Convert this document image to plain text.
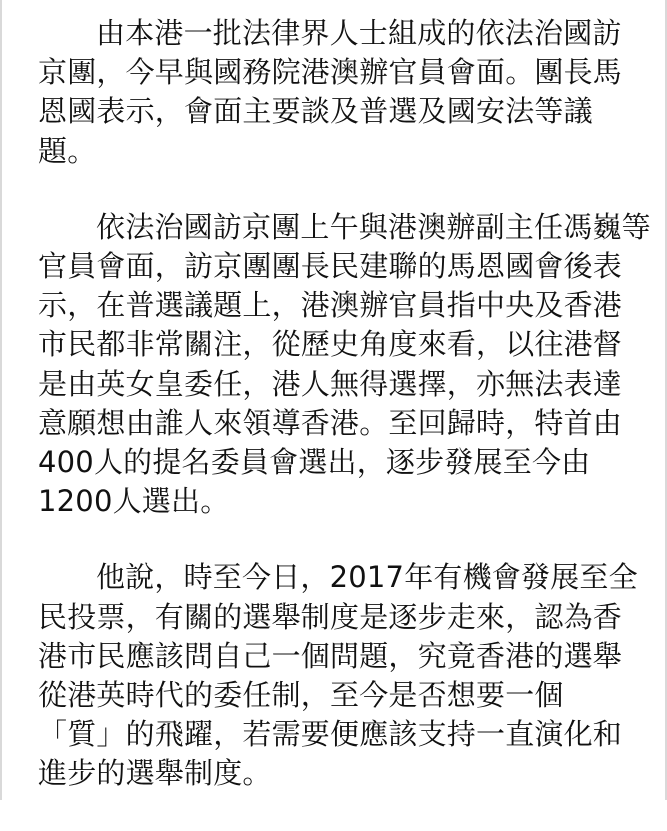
由本港一批法律界人士組成的依法治國訪
京團，今早與國務院港澳辦官員會面。團長馬
恩國表示，會面主要談及普選及國安法等議
題。

依法治國訪京團上午與港澳辦副主任馮巍等
官員會面，訪京團團長民建聯的馬恩國會後表
示，在普選議題上，港澳辦官員指中央及香港
市民都非常關注，從歷史角度來看，以往港督
是由英女皇委任，港人無得選擇，亦無法表達
意願想由誰人來領導香港。至回歸時，特首由
400人的提名委員會選出，逐步發展至今由
1200人選出。

他說，時至今日，2017年有機會發展至全
民投票，有關的選舉制度是逐步走來，認為香
港市民應該問自己一個問題，究竟香港的選舉
從港英時代的委任制，至今是否想要一個
「質」的飛躍，若需要便應該支持一直演化和
進步的選舉制度。
